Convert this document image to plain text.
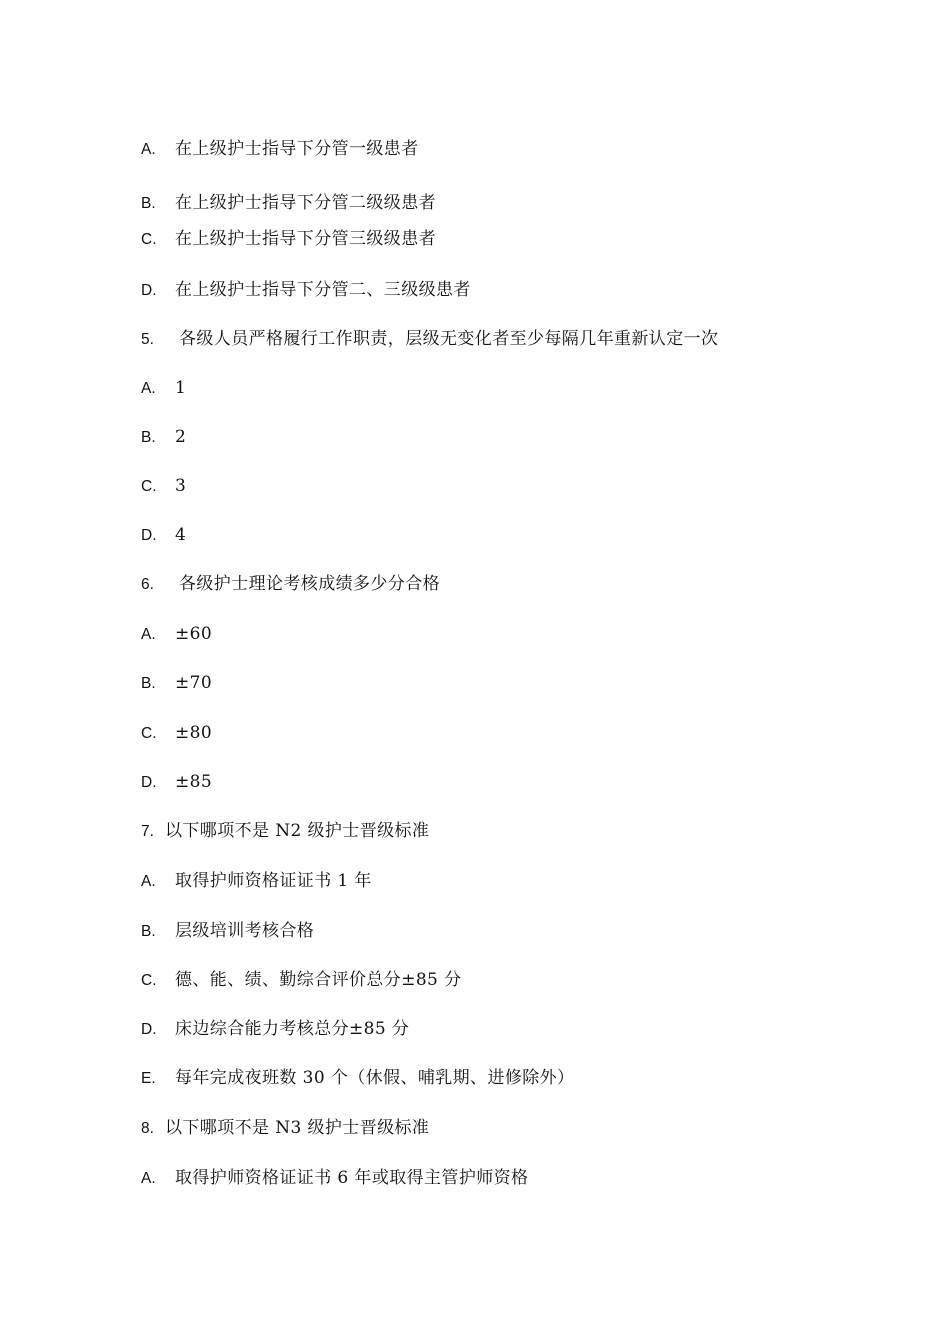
A. 在上级护士指导下分管一级患者
B. 在上级护士指导下分管二级级患者
C. 在上级护士指导下分管三级级患者
D. 在上级护士指导下分管二、三级级患者
5. 各级人员严格履行工作职责，层级无变化者至少每隔几年重新认定一次
A. 1
B. 2
C. 3
D. 4
6. 各级护士理论考核成绩多少分合格
A. ±60
B. ±70
C. ±80
D. ±85
7. 以下哪项不是 N2 级护士晋级标准
A. 取得护师资格证证书 1 年
B. 层级培训考核合格
C. 德、能、绩、勤综合评价总分±85 分
D. 床边综合能力考核总分±85 分
E. 每年完成夜班数 30 个（休假、哺乳期、进修除外）
8. 以下哪项不是 N3 级护士晋级标准
A. 取得护师资格证证书 6 年或取得主管护师资格
